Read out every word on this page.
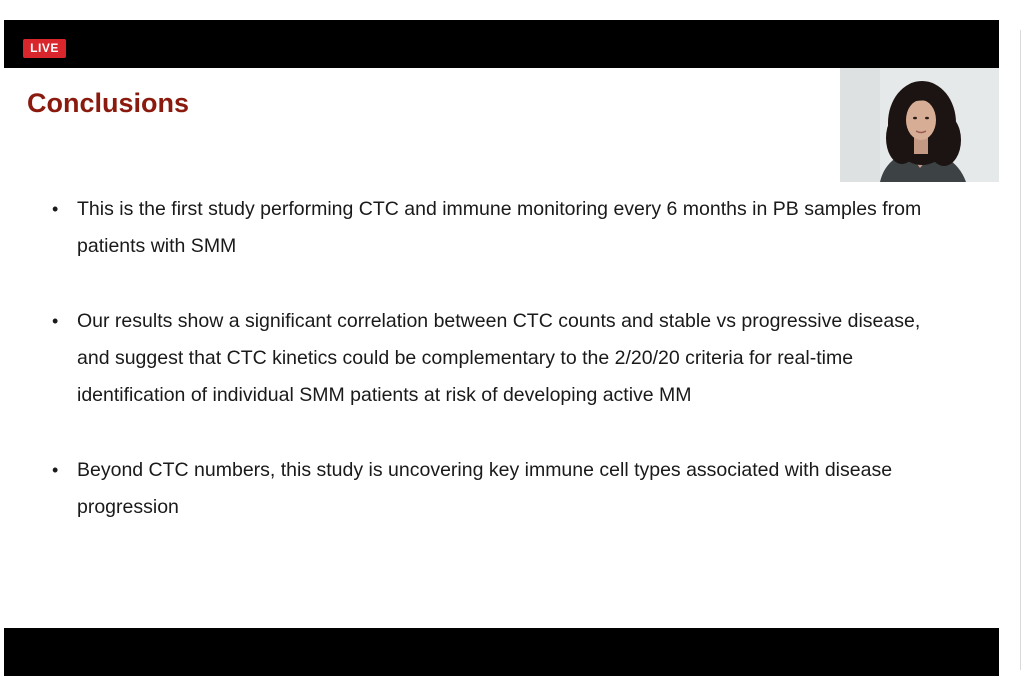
LIVE
Conclusions
• This is the first study performing CTC and immune monitoring every 6 months in PB samples from patients with SMM
• Our results show a significant correlation between CTC counts and stable vs progressive disease, and suggest that CTC kinetics could be complementary to the 2/20/20 criteria for real-time identification of individual SMM patients at risk of developing active MM
• Beyond CTC numbers, this study is uncovering key immune cell types associated with disease progression
